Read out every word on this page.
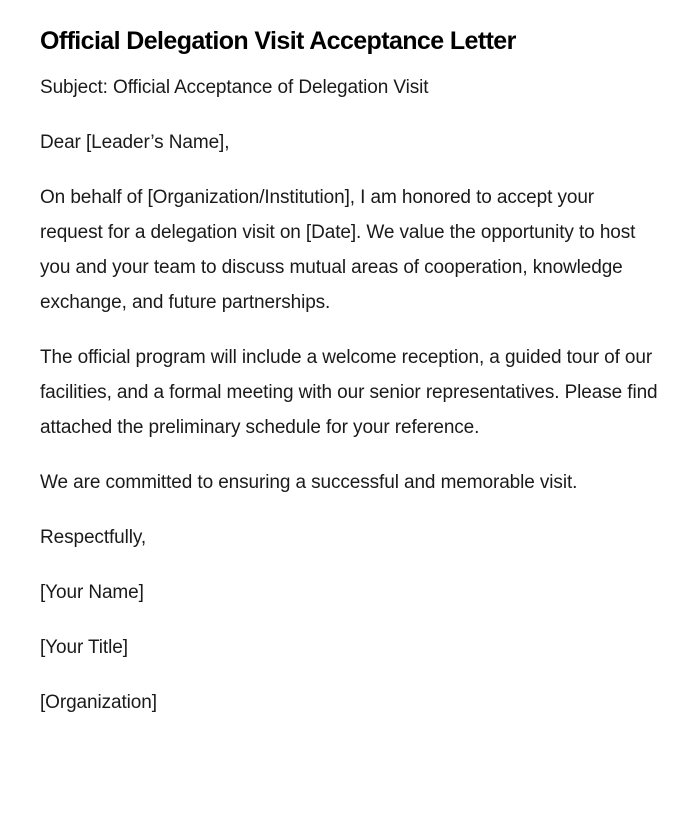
Official Delegation Visit Acceptance Letter

Subject: Official Acceptance of Delegation Visit

Dear [Leader’s Name],

On behalf of [Organization/Institution], I am honored to accept your request for a delegation visit on [Date]. We value the opportunity to host you and your team to discuss mutual areas of cooperation, knowledge exchange, and future partnerships.

The official program will include a welcome reception, a guided tour of our facilities, and a formal meeting with our senior representatives. Please find attached the preliminary schedule for your reference.

We are committed to ensuring a successful and memorable visit.

Respectfully,

[Your Name]

[Your Title]

[Organization]
